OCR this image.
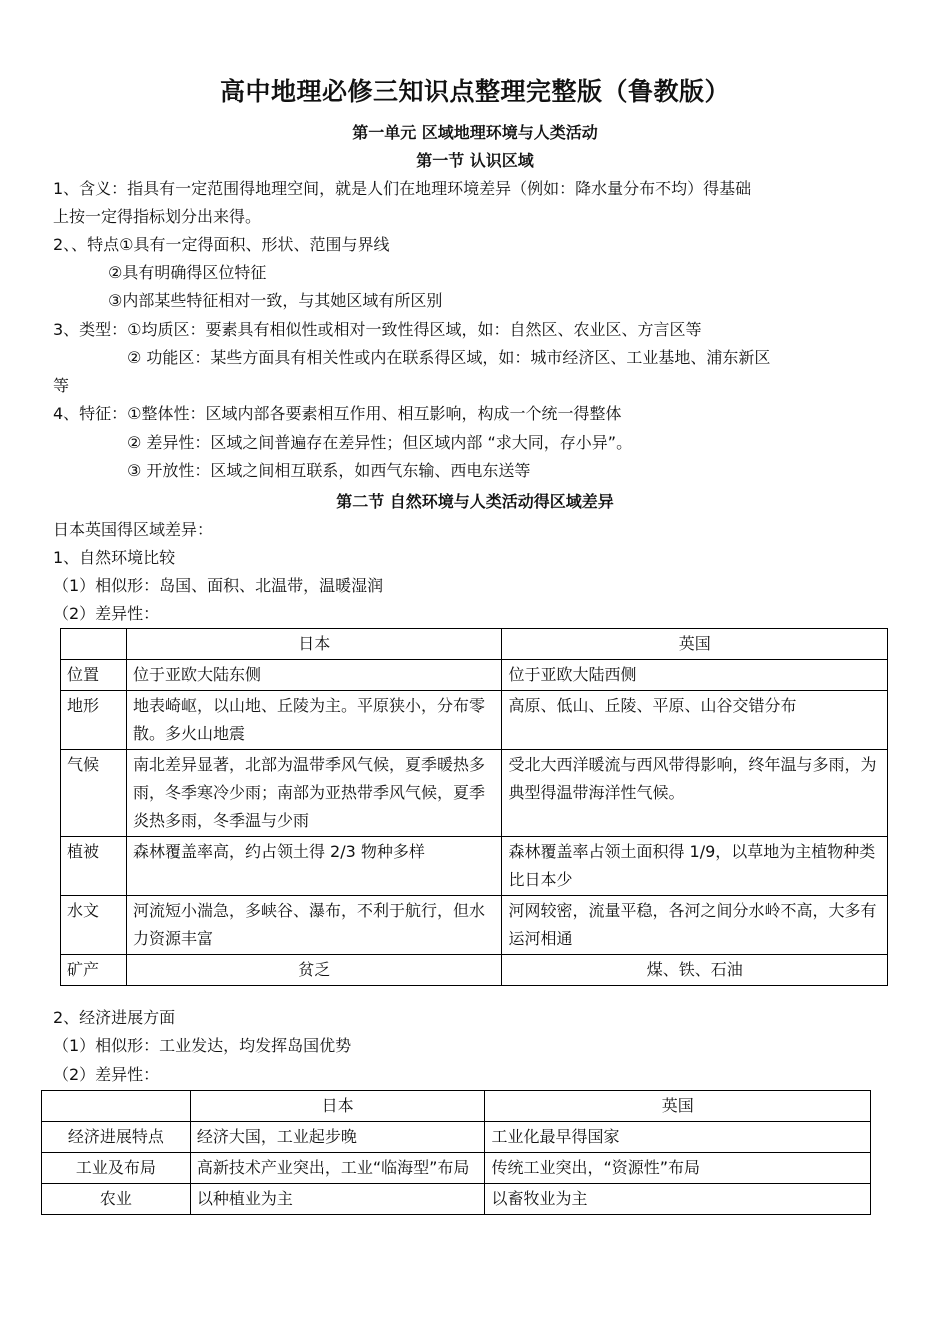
高中地理必修三知识点整理完整版（鲁教版）
第一单元 区域地理环境与人类活动
第一节 认识区域
1、含义：指具有一定范围得地理空间，就是人们在地理环境差异（例如：降水量分布不均）得基础
上按一定得指标划分出来得。
2、、特点①具有一定得面积、形状、范围与界线
②具有明确得区位特征
③内部某些特征相对一致，与其她区域有所区别
3、类型：①均质区：要素具有相似性或相对一致性得区域，如：自然区、农业区、方言区等
② 功能区：某些方面具有相关性或内在联系得区域，如：城市经济区、工业基地、浦东新区
等
4、特征：①整体性：区域内部各要素相互作用、相互影响，构成一个统一得整体
② 差异性：区域之间普遍存在差异性；但区域内部 “求大同，存小异”。
③ 开放性：区域之间相互联系，如西气东输、西电东送等
第二节 自然环境与人类活动得区域差异
日本英国得区域差异：
1、自然环境比较
（1）相似形：岛国、面积、北温带，温暖湿润
（2）差异性：
	日本	英国
位置	位于亚欧大陆东侧	位于亚欧大陆西侧
地形	地表崎岖，以山地、丘陵为主。平原狭小，分布零散。多火山地震	高原、低山、丘陵、平原、山谷交错分布
气候	南北差异显著，北部为温带季风气候，夏季暖热多雨，冬季寒冷少雨；南部为亚热带季风气候，夏季炎热多雨，冬季温与少雨	受北大西洋暖流与西风带得影响，终年温与多雨，为典型得温带海洋性气候。
植被	森林覆盖率高，约占领土得 2/3 物种多样	森林覆盖率占领土面积得 1/9，以草地为主植物种类比日本少
水文	河流短小湍急，多峡谷、瀑布，不利于航行，但水力资源丰富	河网较密，流量平稳，各河之间分水岭不高，大多有运河相通
矿产	贫乏	煤、铁、石油
2、经济进展方面
（1）相似形：工业发达，均发挥岛国优势
（2）差异性：
	日本	英国
经济进展特点	经济大国，工业起步晚	工业化最早得国家
工业及布局	高新技术产业突出，工业“临海型”布局	传统工业突出，“资源性”布局
农业	以种植业为主	以畜牧业为主
